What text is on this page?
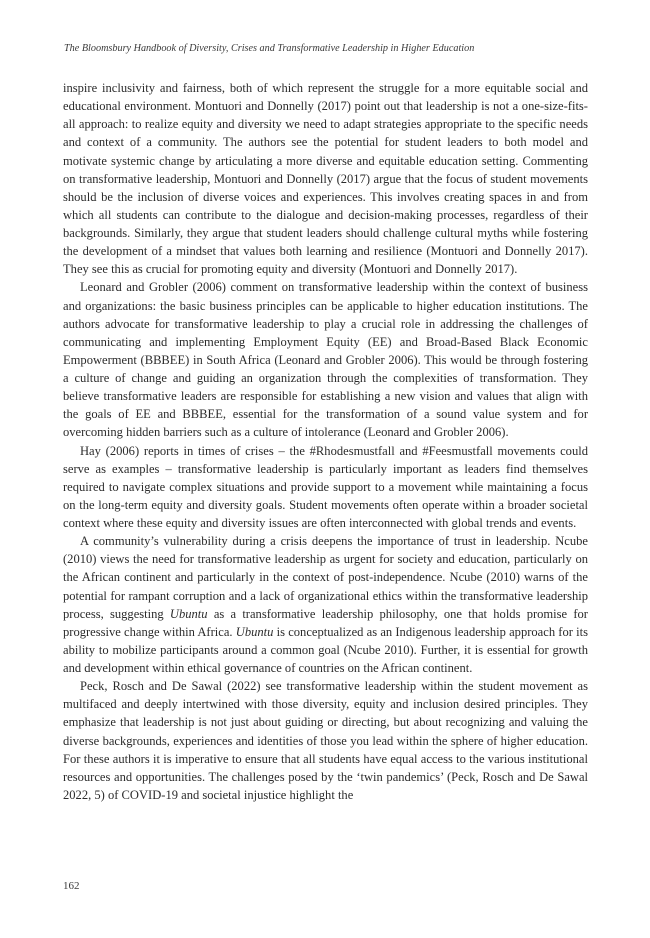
The Bloomsbury Handbook of Diversity, Crises and Transformative Leadership in Higher Education

inspire inclusivity and fairness, both of which represent the struggle for a more equitable social and educational environment. Montuori and Donnelly (2017) point out that leadership is not a one-size-fits-all approach: to realize equity and diversity we need to adapt strategies appropriate to the specific needs and context of a community. The authors see the potential for student leaders to both model and motivate systemic change by articulating a more diverse and equitable education setting. Commenting on transformative leadership, Montuori and Donnelly (2017) argue that the focus of student movements should be the inclusion of diverse voices and experiences. This involves creating spaces in and from which all students can contribute to the dialogue and decision-making processes, regardless of their backgrounds. Similarly, they argue that student leaders should challenge cultural myths while fostering the development of a mindset that values both learning and resilience (Montuori and Donnelly 2017). They see this as crucial for promoting equity and diversity (Montuori and Donnelly 2017).

Leonard and Grobler (2006) comment on transformative leadership within the context of business and organizations: the basic business principles can be applicable to higher education institutions. The authors advocate for transformative leadership to play a crucial role in addressing the challenges of communicating and implementing Employment Equity (EE) and Broad-Based Black Economic Empowerment (BBBEE) in South Africa (Leonard and Grobler 2006). This would be through fostering a culture of change and guiding an organization through the complexities of transformation. They believe transformative leaders are responsible for establishing a new vision and values that align with the goals of EE and BBBEE, essential for the transformation of a sound value system and for overcoming hidden barriers such as a culture of intolerance (Leonard and Grobler 2006).

Hay (2006) reports in times of crises – the #Rhodesmustfall and #Feesmustfall movements could serve as examples – transformative leadership is particularly important as leaders find themselves required to navigate complex situations and provide support to a movement while maintaining a focus on the long-term equity and diversity goals. Student movements often operate within a broader societal context where these equity and diversity issues are often interconnected with global trends and events.

A community’s vulnerability during a crisis deepens the importance of trust in leadership. Ncube (2010) views the need for transformative leadership as urgent for society and education, particularly on the African continent and particularly in the context of post-independence. Ncube (2010) warns of the potential for rampant corruption and a lack of organizational ethics within the transformative leadership process, suggesting Ubuntu as a transformative leadership philosophy, one that holds promise for progressive change within Africa. Ubuntu is conceptualized as an Indigenous leadership approach for its ability to mobilize participants around a common goal (Ncube 2010). Further, it is essential for growth and development within ethical governance of countries on the African continent.

Peck, Rosch and De Sawal (2022) see transformative leadership within the student movement as multifaced and deeply intertwined with those diversity, equity and inclusion desired principles. They emphasize that leadership is not just about guiding or directing, but about recognizing and valuing the diverse backgrounds, experiences and identities of those you lead within the sphere of higher education. For these authors it is imperative to ensure that all students have equal access to the various institutional resources and opportunities. The challenges posed by the ‘twin pandemics’ (Peck, Rosch and De Sawal 2022, 5) of COVID-19 and societal injustice highlight the

162
